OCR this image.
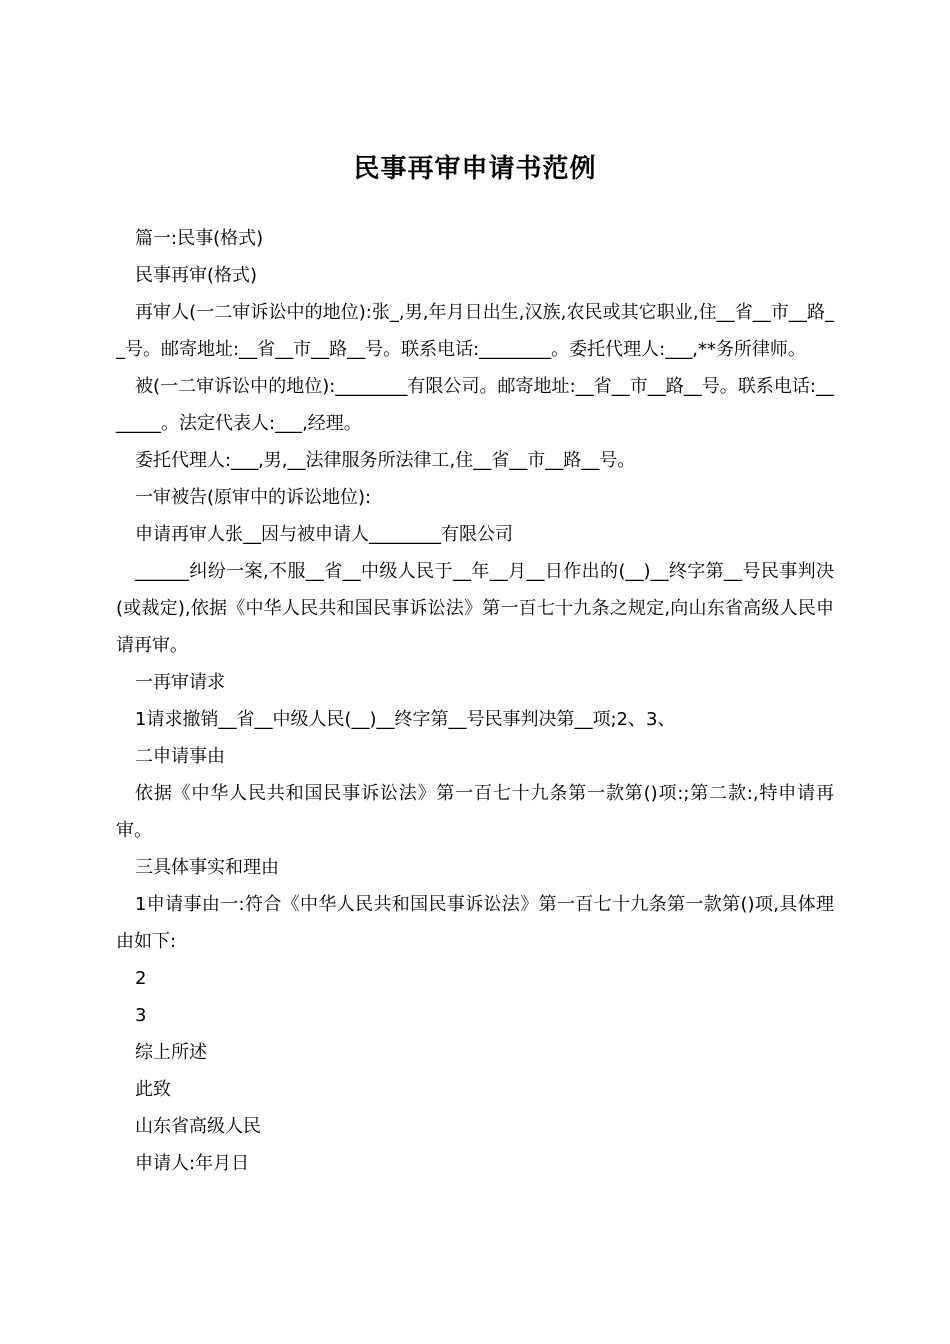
民事再审申请书范例

篇一:民事(格式)

民事再审(格式)

再审人(一二审诉讼中的地位):张_,男,年月日出生,汉族,农民或其它职业,住__省__市__路__号。邮寄地址:__省__市__路__号。联系电话:________。委托代理人:___,**务所律师。

被(一二审诉讼中的地位):________有限公司。邮寄地址:__省__市__路__号。联系电话:_______。法定代表人:___,经理。

委托代理人:___,男,__法律服务所法律工,住__省__市__路__号。

一审被告(原审中的诉讼地位):

申请再审人张__因与被申请人________有限公司

______纠纷一案,不服__省__中级人民于__年__月__日作出的(__)__终字第__号民事判决(或裁定),依据《中华人民共和国民事诉讼法》第一百七十九条之规定,向山东省高级人民申请再审。

一再审请求

1请求撤销__省__中级人民(__)__终字第__号民事判决第__项;2、3、

二申请事由

依据《中华人民共和国民事诉讼法》第一百七十九条第一款第()项:;第二款:,特申请再审。

三具体事实和理由

1申请事由一:符合《中华人民共和国民事诉讼法》第一百七十九条第一款第()项,具体理由如下:

2

3

综上所述

此致

山东省高级人民

申请人:年月日
